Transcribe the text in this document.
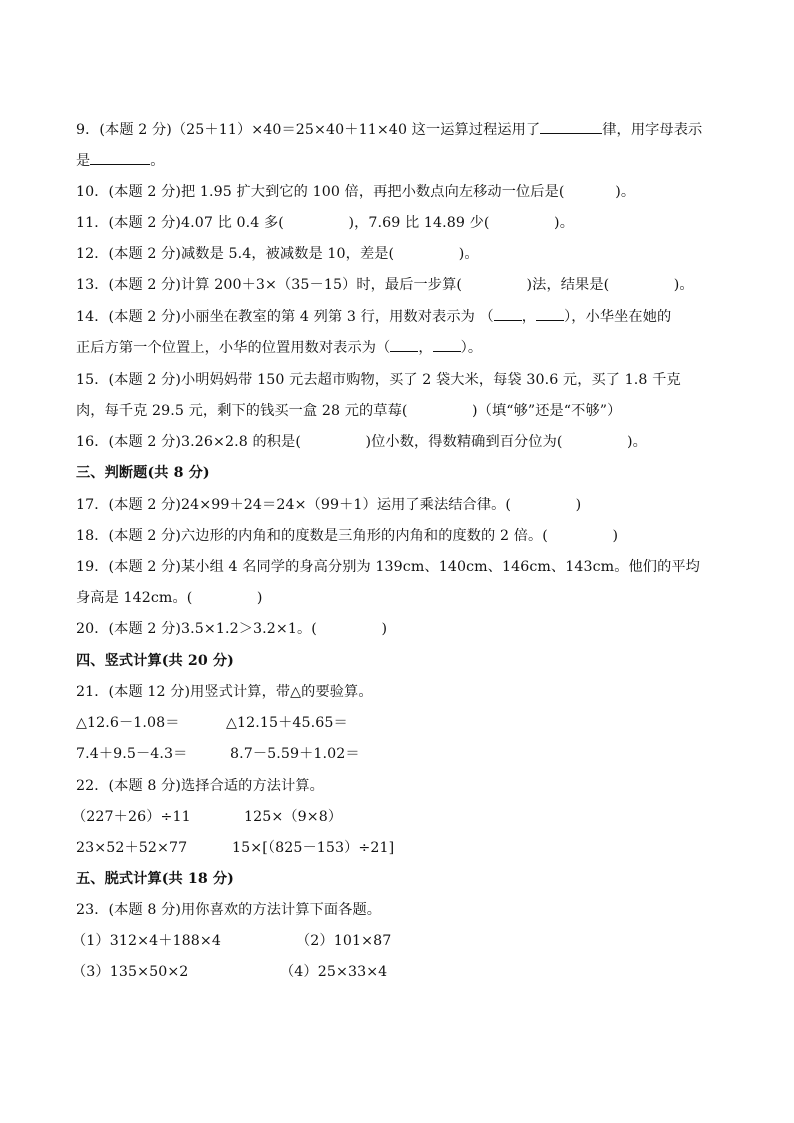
9．(本题 2 分)（25＋11）×40＝25×40＋11×40 这一运算过程运用了	律，用字母表示
是	。
10．(本题 2 分)把 1.95 扩大到它的 100 倍，再把小数点向左移动一位后是(           )。
11．(本题 2 分)4.07 比 0.4 多(              )，7.69 比 14.89 少(              )。
12．(本题 2 分)减数是 5.4，被减数是 10，差是(              )。
13．(本题 2 分)计算 200＋3×（35－15）时，最后一步算(              )法，结果是(              )。
14．(本题 2 分)小丽坐在教室的第 4 列第 3 行，用数对表示为 （ ， ），小华坐在她的
正后方第一个位置上，小华的位置用数对表示为（ ， ）。
15．(本题 2 分)小明妈妈带 150 元去超市购物，买了 2 袋大米，每袋 30.6 元，买了 1.8 千克
肉，每千克 29.5 元，剩下的钱买一盒 28 元的草莓(              )（填“够”还是“不够”）
16．(本题 2 分)3.26×2.8 的积是(              )位小数，得数精确到百分位为(              )。
三、判断题(共 8 分)
17．(本题 2 分)24×99＋24＝24×（99＋1）运用了乘法结合律。(              )
18．(本题 2 分)六边形的内角和的度数是三角形的内角和的度数的 2 倍。(              )
19．(本题 2 分)某小组 4 名同学的身高分别为 139cm、140cm、146cm、143cm。他们的平均
身高是 142cm。(              )
20．(本题 2 分)3.5×1.2＞3.2×1。(              )
四、竖式计算(共 20 分)
21．(本题 12 分)用竖式计算，带△的要验算。
△12.6－1.08＝	△12.15＋45.65＝
7.4＋9.5－4.3＝	8.7－5.59＋1.02＝
22．(本题 8 分)选择合适的方法计算。
（227＋26）÷11	125×（9×8）
23×52＋52×77	15×[（825－153）÷21]
五、脱式计算(共 18 分)
23．(本题 8 分)用你喜欢的方法计算下面各题。
（1）312×4＋188×4	（2）101×87
（3）135×50×2	（4）25×33×4
